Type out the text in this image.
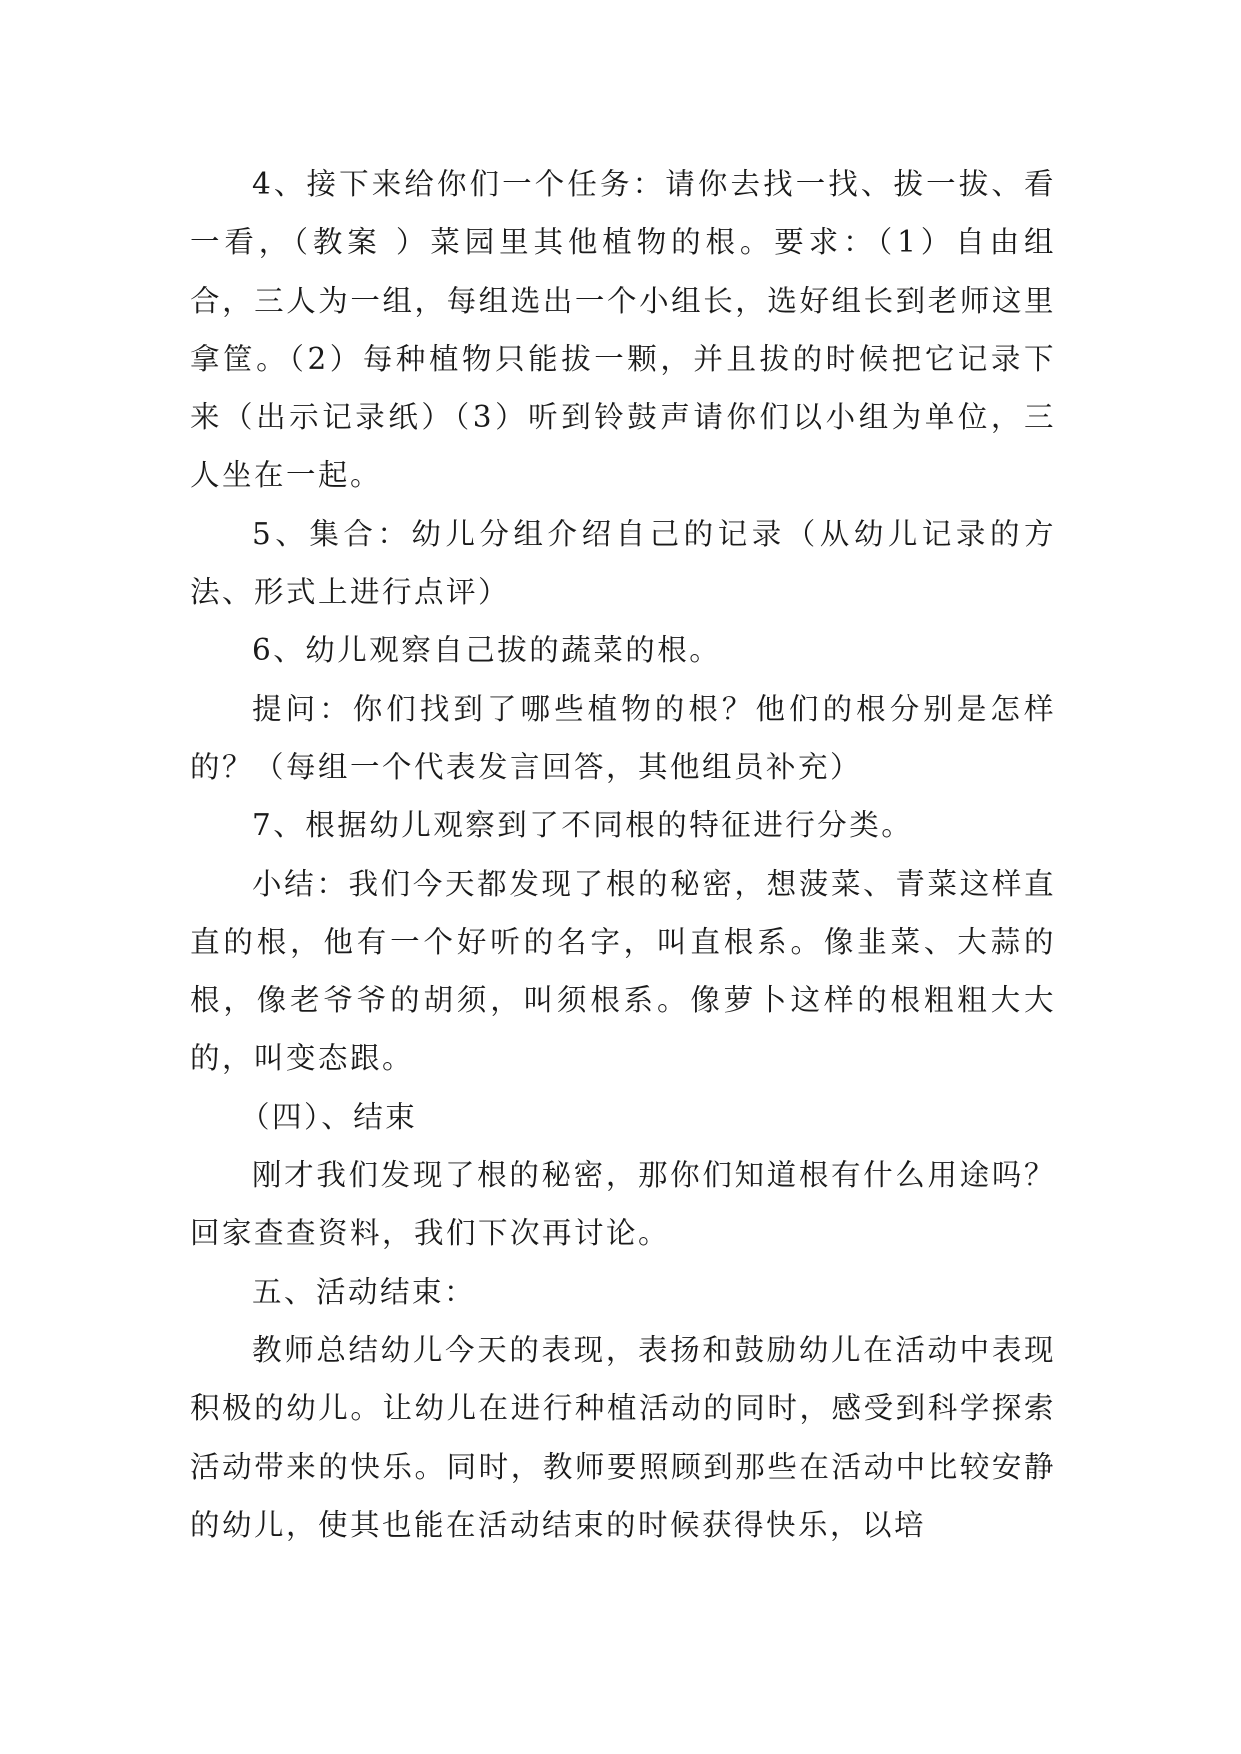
4、接下来给你们一个任务：请你去找一找、拔一拔、看一看，（教案 ）菜园里其他植物的根。要求：（1）自由组合，三人为一组，每组选出一个小组长，选好组长到老师这里拿筐。（2）每种植物只能拔一颗，并且拔的时候把它记录下来（出示记录纸）（3）听到铃鼓声请你们以小组为单位，三人坐在一起。

5、集合：幼儿分组介绍自己的记录（从幼儿记录的方法、形式上进行点评）

6、幼儿观察自己拔的蔬菜的根。

提问：你们找到了哪些植物的根？他们的根分别是怎样的？（每组一个代表发言回答，其他组员补充）

7、根据幼儿观察到了不同根的特征进行分类。

小结：我们今天都发现了根的秘密，想菠菜、青菜这样直直的根，他有一个好听的名字，叫直根系。像韭菜、大蒜的根，像老爷爷的胡须，叫须根系。像萝卜这样的根粗粗大大的，叫变态跟。

（四）、结束

刚才我们发现了根的秘密，那你们知道根有什么用途吗？回家查查资料，我们下次再讨论。

五、活动结束：

教师总结幼儿今天的表现，表扬和鼓励幼儿在活动中表现积极的幼儿。让幼儿在进行种植活动的同时，感受到科学探索活动带来的快乐。同时，教师要照顾到那些在活动中比较安静的幼儿，使其也能在活动结束的时候获得快乐，以培
